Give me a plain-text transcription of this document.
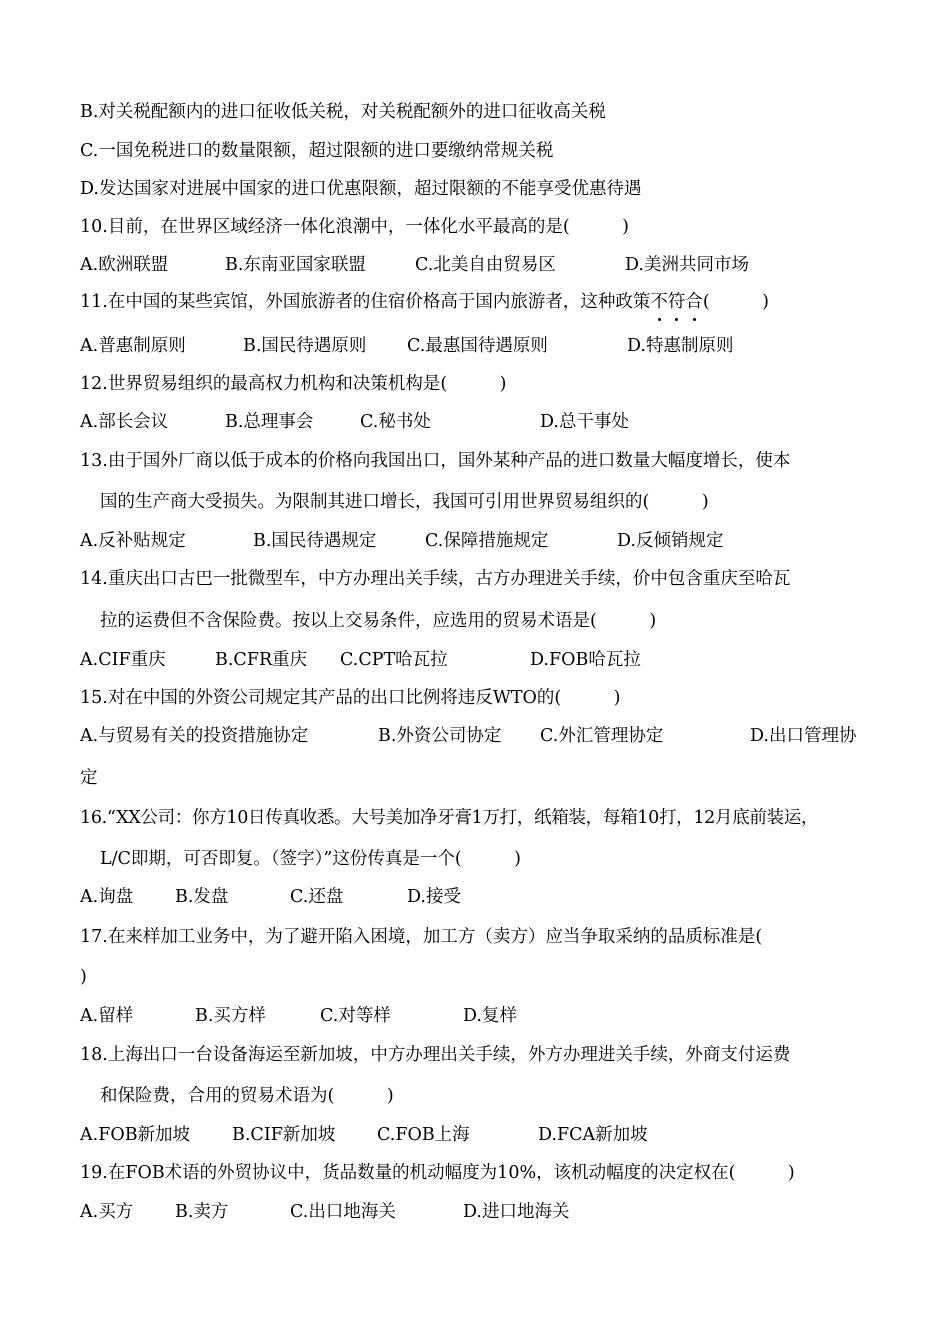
B.对关税配额内的进口征收低关税，对关税配额外的进口征收高关税
C.一国免税进口的数量限额，超过限额的进口要缴纳常规关税
D.发达国家对进展中国家的进口优惠限额，超过限额的不能享受优惠待遇
10.目前，在世界区域经济一体化浪潮中，一体化水平最高的是(　　　)
A.欧洲联盟	B.东南亚国家联盟	C.北美自由贸易区	D.美洲共同市场
11.在中国的某些宾馆，外国旅游者的住宿价格高于国内旅游者，这种政策不符合(　　　)
A.普惠制原则	B.国民待遇原则 C.最惠国待遇原则	D.特惠制原则
12.世界贸易组织的最高权力机构和决策机构是(　　　)
A.部长会议	B.总理事会	C.秘书处	D.总干事处
13.由于国外厂商以低于成本的价格向我国出口，国外某种产品的进口数量大幅度增长，使本
国的生产商大受损失。为限制其进口增长，我国可引用世界贸易组织的(　　　)
A.反补贴规定	B.国民待遇规定	C.保障措施规定	D.反倾销规定
14.重庆出口古巴一批微型车，中方办理出关手续，古方办理进关手续，价中包含重庆至哈瓦
拉的运费但不含保险费。按以上交易条件，应选用的贸易术语是(　　　)
A.CIF重庆	B.CFR重庆 C.CPT哈瓦拉	D.FOB哈瓦拉
15.对在中国的外资公司规定其产品的出口比例将违反WTO的(　　　)
A.与贸易有关的投资措施协定	B.外资公司协定 C.外汇管理协定	D.出口管理协
定
16.“XX公司：你方10日传真收悉。大号美加净牙膏1万打，纸箱装，每箱10打，12月底前装运，
L/C即期，可否即复。（签字）”这份传真是一个(　　　)
A.询盘 B.发盘	C.还盘	D.接受
17.在来样加工业务中，为了避开陷入困境，加工方（卖方）应当争取采纳的品质标准是(
)
A.留样	B.买方样	C.对等样	D.复样
18.上海出口一台设备海运至新加坡，中方办理出关手续，外方办理进关手续，外商支付运费
和保险费，合用的贸易术语为(　　　)
A.FOB新加坡 B.CIF新加坡 C.FOB上海	D.FCA新加坡
19.在FOB术语的外贸协议中，货品数量的机动幅度为10%，该机动幅度的决定权在(　　　)
A.买方 B.卖方	C.出口地海关	D.进口地海关
